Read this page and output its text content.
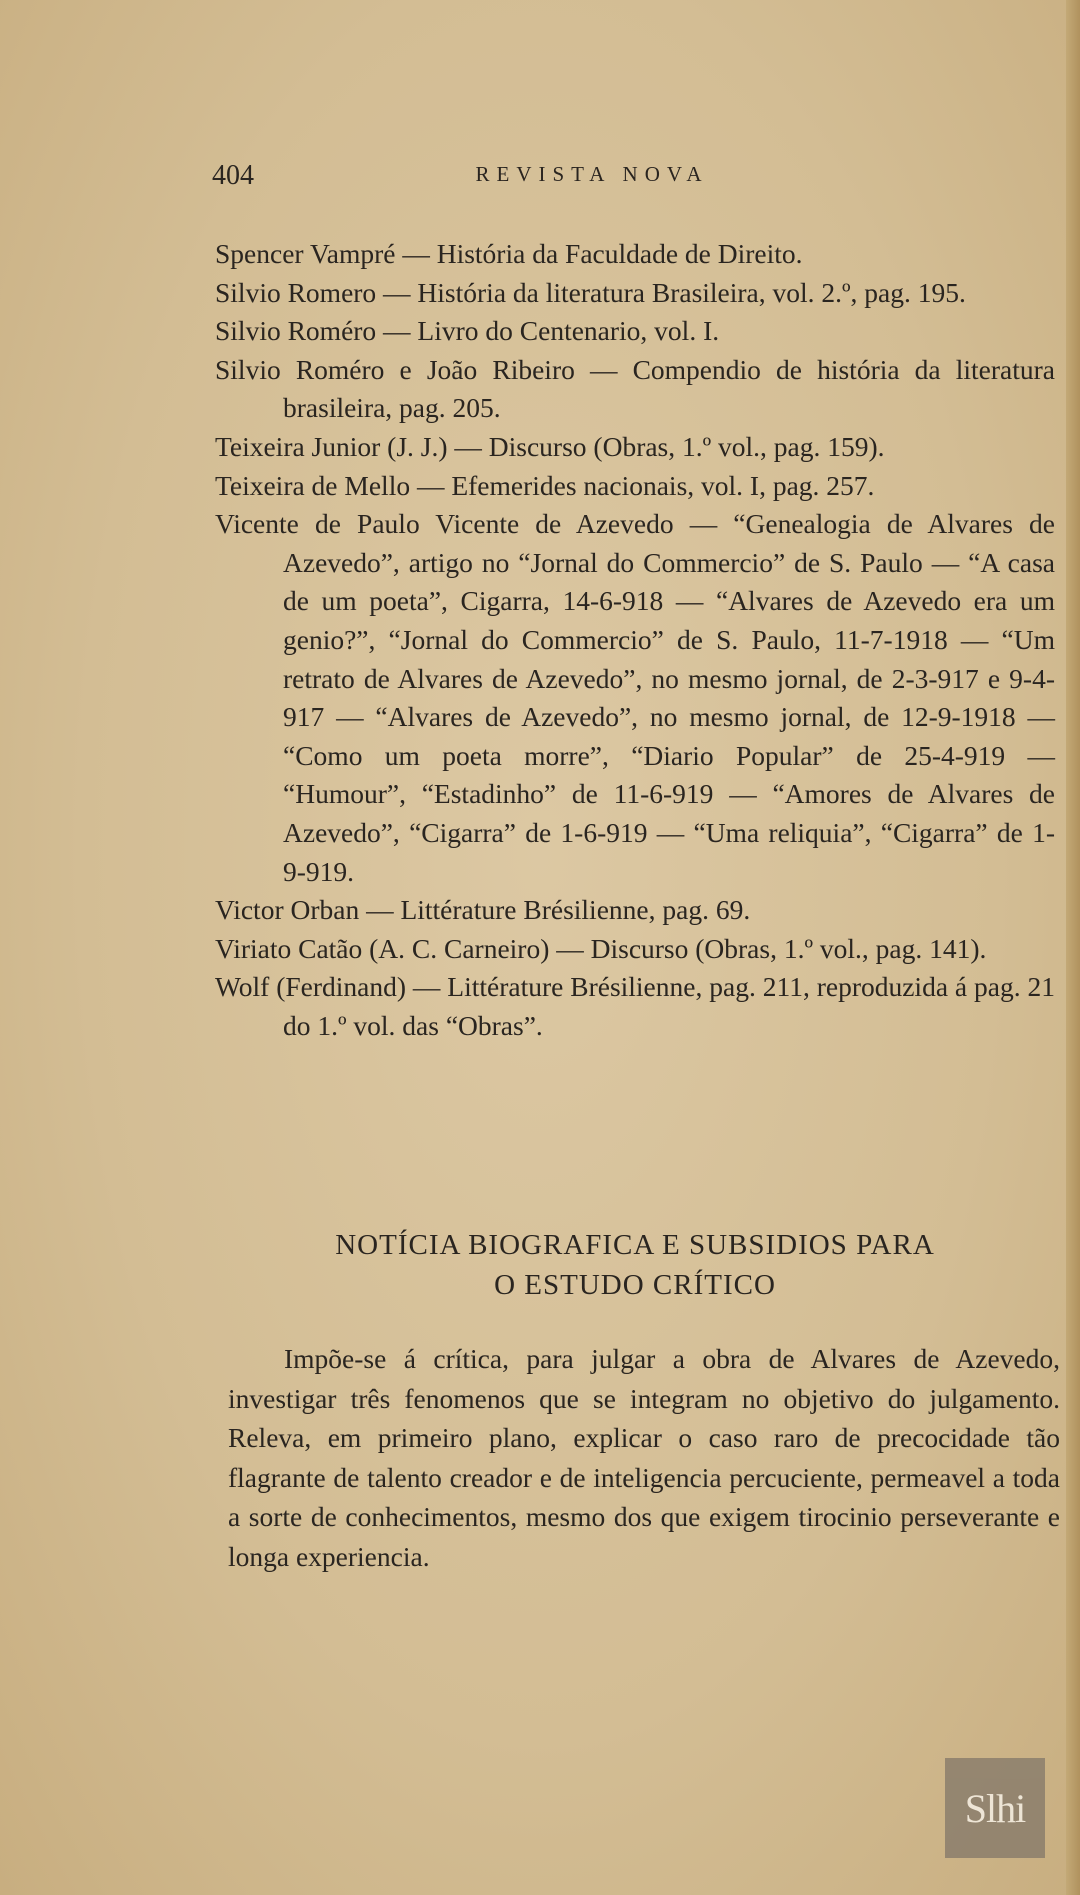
404	REVISTA NOVA
Spencer Vampré — História da Faculdade de Direito.
Silvio Romero — História da literatura Brasileira, vol. 2.º, pag. 195.
Silvio Roméro — Livro do Centenario, vol. I.
Silvio Roméro e João Ribeiro — Compendio de história da literatura brasileira, pag. 205.
Teixeira Junior (J. J.) — Discurso (Obras, 1.º vol., pag. 159).
Teixeira de Mello — Efemerides nacionais, vol. I, pag. 257.
Vicente de Paulo Vicente de Azevedo — “Genealogia de Alvares de Azevedo”, artigo no “Jornal do Commercio” de S. Paulo — “A casa de um poeta”, Cigarra, 14-6-918 — “Alvares de Azevedo era um genio?”, “Jornal do Commercio” de S. Paulo, 11-7-1918 — “Um retrato de Alvares de Azevedo”, no mesmo jornal, de 2-3-917 e 9-4-917 — “Alvares de Azevedo”, no mesmo jornal, de 12-9-1918 — “Como um poeta morre”, “Diario Popular” de 25-4-919 — “Humour”, “Estadinho” de 11-6-919 — “Amores de Alvares de Azevedo”, “Cigarra” de 1-6-919 — “Uma reliquia”, “Cigarra” de 1-9-919.
Victor Orban — Littérature Brésilienne, pag. 69.
Viriato Catão (A. C. Carneiro) — Discurso (Obras, 1.º vol., pag. 141).
Wolf (Ferdinand) — Littérature Brésilienne, pag. 211, reproduzida á pag. 21 do 1.º vol. das “Obras”.
NOTÍCIA BIOGRAFICA E SUBSIDIOS PARA
O ESTUDO CRÍTICO

Impõe-se á crítica, para julgar a obra de Alvares de Azevedo, investigar três fenomenos que se integram no objetivo do julgamento. Releva, em primeiro plano, explicar o caso raro de precocidade tão flagrante de talento creador e de inteligencia percuciente, permeavel a toda a sorte de conhecimentos, mesmo dos que exigem tirocinio perseverante e longa experiencia.

Slhi
